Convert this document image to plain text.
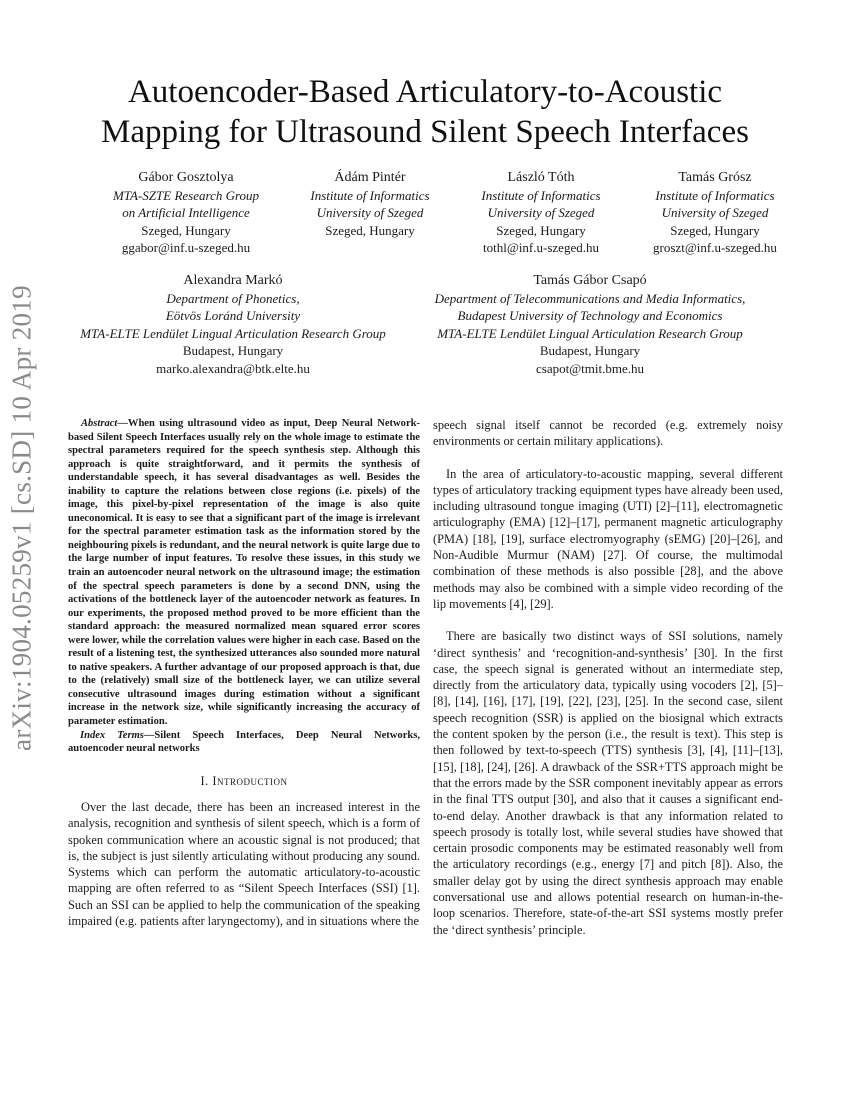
arXiv:1904.05259v1 [cs.SD] 10 Apr 2019
Autoencoder-Based Articulatory-to-Acoustic
Mapping for Ultrasound Silent Speech Interfaces
Gábor Gosztolya
MTA-SZTE Research Group
on Artificial Intelligence
Szeged, Hungary
ggabor@inf.u-szeged.hu
Ádám Pintér
Institute of Informatics
University of Szeged
Szeged, Hungary
László Tóth
Institute of Informatics
University of Szeged
Szeged, Hungary
tothl@inf.u-szeged.hu
Tamás Grósz
Institute of Informatics
University of Szeged
Szeged, Hungary
groszt@inf.u-szeged.hu
Alexandra Markó
Department of Phonetics,
Eötvös Loránd University
MTA-ELTE Lendület Lingual Articulation Research Group
Budapest, Hungary
marko.alexandra@btk.elte.hu
Tamás Gábor Csapó
Department of Telecommunications and Media Informatics,
Budapest University of Technology and Economics
MTA-ELTE Lendület Lingual Articulation Research Group
Budapest, Hungary
csapot@tmit.bme.hu

Abstract—When using ultrasound video as input, Deep Neural Network-based Silent Speech Interfaces usually rely on the whole image to estimate the spectral parameters required for the speech synthesis step. Although this approach is quite straightforward, and it permits the synthesis of understandable speech, it has several disadvantages as well. Besides the inability to capture the relations between close regions (i.e. pixels) of the image, this pixel-by-pixel representation of the image is also quite uneconomical. It is easy to see that a significant part of the image is irrelevant for the spectral parameter estimation task as the information stored by the neighbouring pixels is redundant, and the neural network is quite large due to the large number of input features. To resolve these issues, in this study we train an autoencoder neural network on the ultrasound image; the estimation of the spectral speech parameters is done by a second DNN, using the activations of the bottleneck layer of the autoencoder network as features. In our experiments, the proposed method proved to be more efficient than the standard approach: the measured normalized mean squared error scores were lower, while the correlation values were higher in each case. Based on the result of a listening test, the synthesized utterances also sounded more natural to native speakers. A further advantage of our proposed approach is that, due to the (relatively) small size of the bottleneck layer, we can utilize several consecutive ultrasound images during estimation without a significant increase in the network size, while significantly increasing the accuracy of parameter estimation.

Index Terms—Silent Speech Interfaces, Deep Neural Networks, autoencoder neural networks

I. Introduction

Over the last decade, there has been an increased interest in the analysis, recognition and synthesis of silent speech, which is a form of spoken communication where an acoustic signal is not produced; that is, the subject is just silently articulating without producing any sound. Systems which can perform the automatic articulatory-to-acoustic mapping are often referred to as “Silent Speech Interfaces (SSI) [1]. Such an SSI can be applied to help the communication of the speaking impaired (e.g. patients after laryngectomy), and in situations where the

speech signal itself cannot be recorded (e.g. extremely noisy environments or certain military applications).

In the area of articulatory-to-acoustic mapping, several different types of articulatory tracking equipment types have already been used, including ultrasound tongue imaging (UTI) [2]–[11], electromagnetic articulography (EMA) [12]–[17], permanent magnetic articulography (PMA) [18], [19], surface electromyography (sEMG) [20]–[26], and Non-Audible Murmur (NAM) [27]. Of course, the multimodal combination of these methods is also possible [28], and the above methods may also be combined with a simple video recording of the lip movements [4], [29].

There are basically two distinct ways of SSI solutions, namely ‘direct synthesis’ and ‘recognition-and-synthesis’ [30]. In the first case, the speech signal is generated without an intermediate step, directly from the articulatory data, typically using vocoders [2], [5]–[8], [14], [16], [17], [19], [22], [23], [25]. In the second case, silent speech recognition (SSR) is applied on the biosignal which extracts the content spoken by the person (i.e., the result is text). This step is then followed by text-to-speech (TTS) synthesis [3], [4], [11]–[13], [15], [18], [24], [26]. A drawback of the SSR+TTS approach might be that the errors made by the SSR component inevitably appear as errors in the final TTS output [30], and also that it causes a significant end-to-end delay. Another drawback is that any information related to speech prosody is totally lost, while several studies have showed that certain prosodic components may be estimated reasonably well from the articulatory recordings (e.g., energy [7] and pitch [8]). Also, the smaller delay got by using the direct synthesis approach may enable conversational use and allows potential research on human-in-the-loop scenarios. Therefore, state-of-the-art SSI systems mostly prefer the ‘direct synthesis’ principle.
